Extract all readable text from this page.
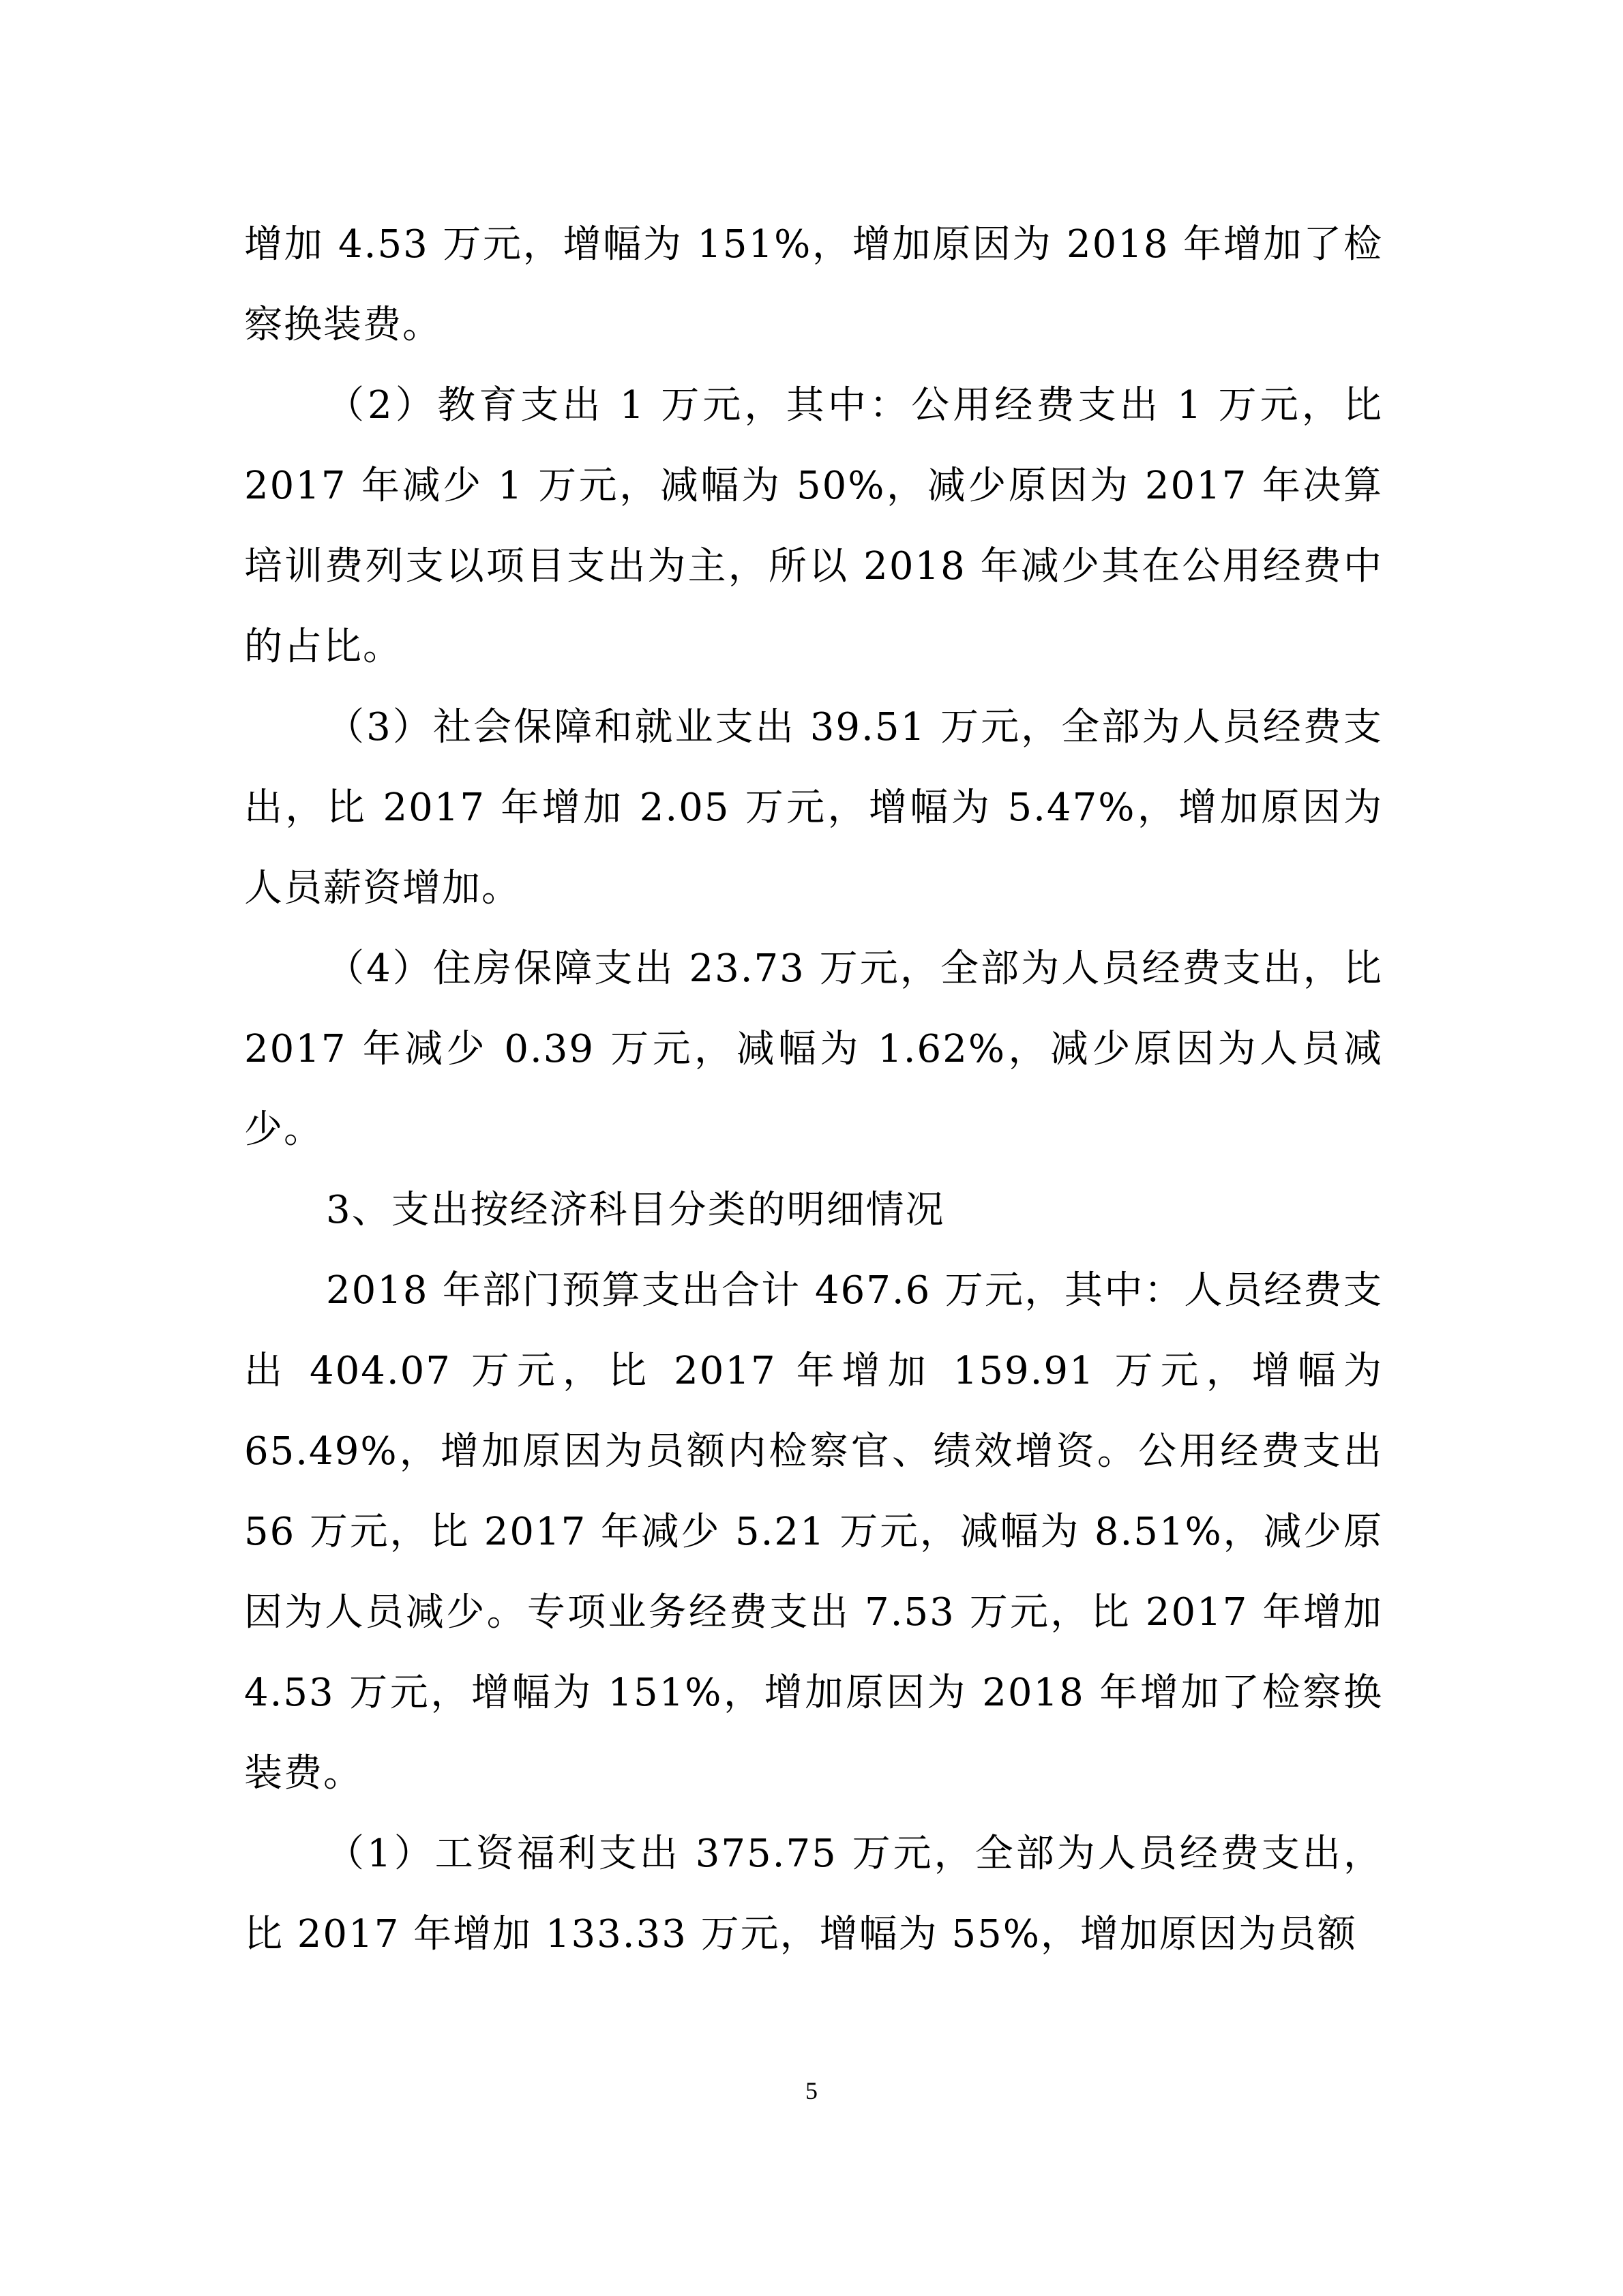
增加 4.53 万元，增幅为 151%，增加原因为 2018 年增加了检察换装费。

（2）教育支出 1 万元，其中：公用经费支出 1 万元，比 2017 年减少 1 万元，减幅为 50%，减少原因为 2017 年决算培训费列支以项目支出为主，所以 2018 年减少其在公用经费中的占比。

（3）社会保障和就业支出 39.51 万元，全部为人员经费支出，比 2017 年增加 2.05 万元，增幅为 5.47%，增加原因为人员薪资增加。

（4）住房保障支出 23.73 万元，全部为人员经费支出，比 2017 年减少 0.39 万元，减幅为 1.62%，减少原因为人员减少。

3、支出按经济科目分类的明细情况

2018 年部门预算支出合计 467.6 万元，其中：人员经费支出 404.07 万元，比 2017 年增加 159.91 万元，增幅为 65.49%，增加原因为员额内检察官、绩效增资。公用经费支出 56 万元，比 2017 年减少 5.21 万元，减幅为 8.51%，减少原因为人员减少。专项业务经费支出 7.53 万元，比 2017 年增加 4.53 万元，增幅为 151%，增加原因为 2018 年增加了检察换装费。

（1）工资福利支出 375.75 万元，全部为人员经费支出，比 2017 年增加 133.33 万元，增幅为 55%，增加原因为员额

5
